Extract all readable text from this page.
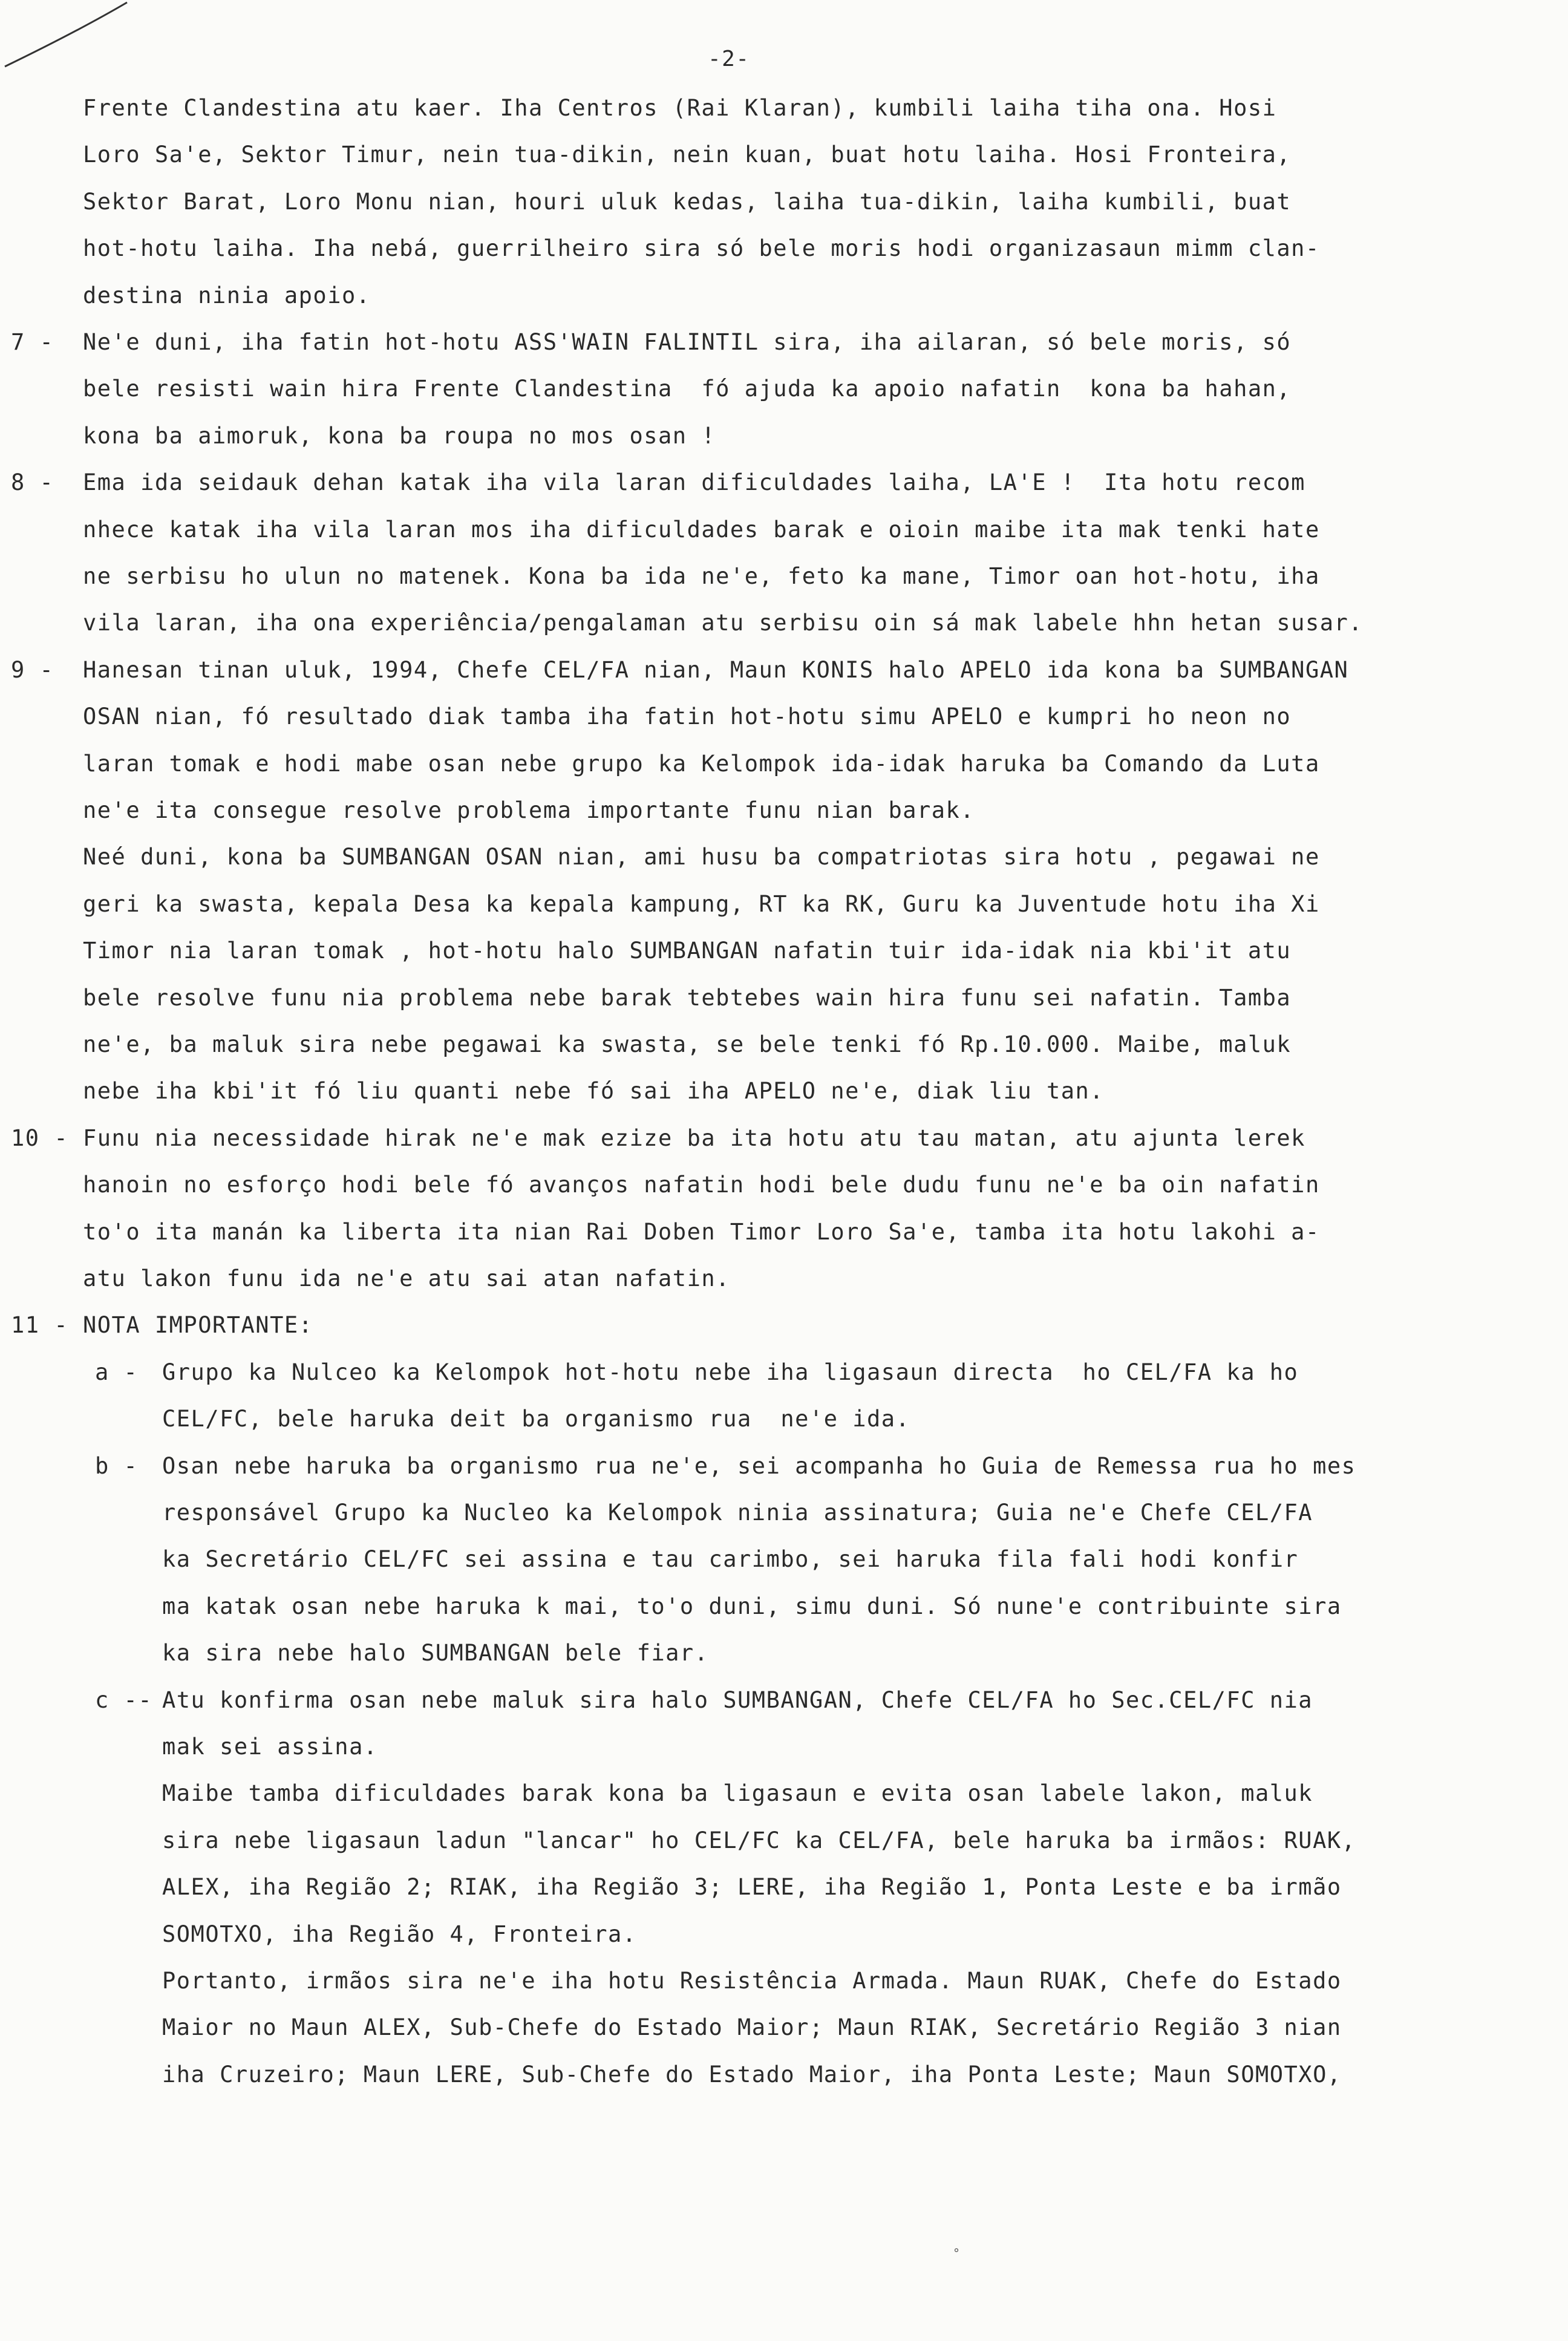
-2-
Frente Clandestina atu kaer. Iha Centros (Rai Klaran), kumbili laiha tiha ona. Hosi
Loro Sa'e, Sektor Timur, nein tua-dikin, nein kuan, buat hotu laiha. Hosi Fronteira,
Sektor Barat, Loro Monu nian, houri uluk kedas, laiha tua-dikin, laiha kumbili, buat
hot-hotu laiha. Iha nebá, guerrilheiro sira só bele moris hodi organizasaun mimm clan-
destina ninia apoio.
7 - Ne'e duni, iha fatin hot-hotu ASS'WAIN FALINTIL sira, iha ailaran, só bele moris, só
bele resisti wain hira Frente Clandestina  fó ajuda ka apoio nafatin  kona ba hahan,
kona ba aimoruk, kona ba roupa no mos osan !
8 - Ema ida seidauk dehan katak iha vila laran dificuldades laiha, LA'E !  Ita hotu recom
nhece katak iha vila laran mos iha dificuldades barak e oioin maibe ita mak tenki hate
ne serbisu ho ulun no matenek. Kona ba ida ne'e, feto ka mane, Timor oan hot-hotu, iha
vila laran, iha ona experiência/pengalaman atu serbisu oin sá mak labele hhn hetan susar.
9 - Hanesan tinan uluk, 1994, Chefe CEL/FA nian, Maun KONIS halo APELO ida kona ba SUMBANGAN
OSAN nian, fó resultado diak tamba iha fatin hot-hotu simu APELO e kumpri ho neon no
laran tomak e hodi mabe osan nebe grupo ka Kelompok ida-idak haruka ba Comando da Luta
ne'e ita consegue resolve problema importante funu nian barak.
Neé duni, kona ba SUMBANGAN OSAN nian, ami husu ba compatriotas sira hotu , pegawai ne
geri ka swasta, kepala Desa ka kepala kampung, RT ka RK, Guru ka Juventude hotu iha Xi
Timor nia laran tomak , hot-hotu halo SUMBANGAN nafatin tuir ida-idak nia kbi'it atu
bele resolve funu nia problema nebe barak tebtebes wain hira funu sei nafatin. Tamba
ne'e, ba maluk sira nebe pegawai ka swasta, se bele tenki fó Rp.10.000. Maibe, maluk
nebe iha kbi'it fó liu quanti nebe fó sai iha APELO ne'e, diak liu tan.
10 - Funu nia necessidade hirak ne'e mak ezize ba ita hotu atu tau matan, atu ajunta lerek
hanoin no esforço hodi bele fó avanços nafatin hodi bele dudu funu ne'e ba oin nafatin
to'o ita manán ka liberta ita nian Rai Doben Timor Loro Sa'e, tamba ita hotu lakohi a-
atu lakon funu ida ne'e atu sai atan nafatin.
11 - NOTA IMPORTANTE:
a - Grupo ka Nulceo ka Kelompok hot-hotu nebe iha ligasaun directa  ho CEL/FA ka ho
CEL/FC, bele haruka deit ba organismo rua  ne'e ida.
b - Osan nebe haruka ba organismo rua ne'e, sei acompanha ho Guia de Remessa rua ho mes
responsável Grupo ka Nucleo ka Kelompok ninia assinatura; Guia ne'e Chefe CEL/FA
ka Secretário CEL/FC sei assina e tau carimbo, sei haruka fila fali hodi konfir
ma katak osan nebe haruka k mai, to'o duni, simu duni. Só nune'e contribuinte sira
ka sira nebe halo SUMBANGAN bele fiar.
c -- Atu konfirma osan nebe maluk sira halo SUMBANGAN, Chefe CEL/FA ho Sec.CEL/FC nia
mak sei assina.
Maibe tamba dificuldades barak kona ba ligasaun e evita osan labele lakon, maluk
sira nebe ligasaun ladun "lancar" ho CEL/FC ka CEL/FA, bele haruka ba irmãos: RUAK,
ALEX, iha Região 2; RIAK, iha Região 3; LERE, iha Região 1, Ponta Leste e ba irmão
SOMOTXO, iha Região 4, Fronteira.
Portanto, irmãos sira ne'e iha hotu Resistência Armada. Maun RUAK, Chefe do Estado
Maior no Maun ALEX, Sub-Chefe do Estado Maior; Maun RIAK, Secretário Região 3 nian
iha Cruzeiro; Maun LERE, Sub-Chefe do Estado Maior, iha Ponta Leste; Maun SOMOTXO,
°
